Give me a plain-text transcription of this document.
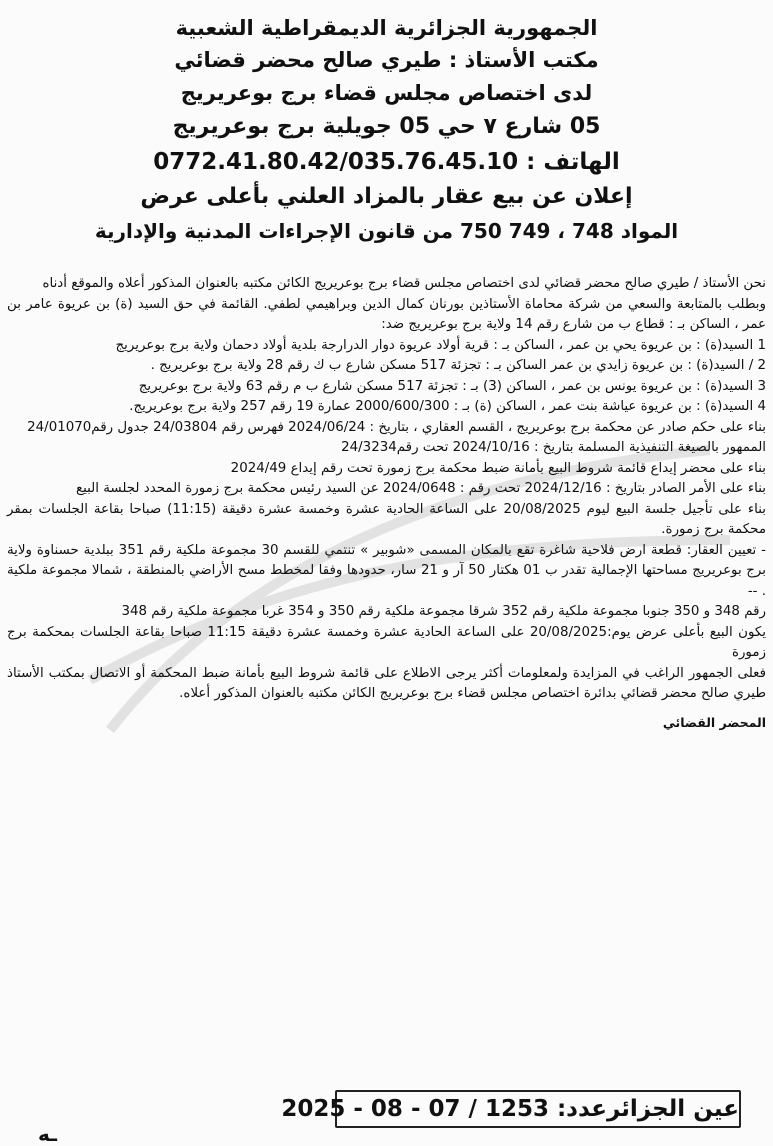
الجمهورية الجزائرية الديمقراطية الشعبية

مكتب الأستاذ : طيري صالح محضر قضائي

لدى اختصاص مجلس قضاء برج بوعريريج

05 شارع ٧ حي 05 جويلية برج بوعريريج

الهاتف : 0772.41.80.42/035.76.45.10

إعلان عن بيع عقار بالمزاد العلني بأعلى عرض

المواد 748 ، 749 750 من قانون الإجراءات المدنية والإدارية

نحن الأستاذ / طيري صالح محضر قضائي لدى اختصاص مجلس قضاء برج بوعريريج الكائن مكتبه بالعنوان المذكور أعلاه والموقع أدناه

وبطلب بالمتابعة والسعي من شركة محاماة الأستاذين بورنان كمال الدين وبراهيمي لطفي. القائمة في حق السيد (ة) بن عريوة عامر بن عمر ، الساكن بـ : قطاع ب من شارع رقم 14 ولاية برج بوعريريج ضد:

1 السيد(ة) : بن عريوة يحي بن عمر ، الساكن بـ : قرية أولاد عريوة دوار الدرارجة بلدية أولاد دحمان ولاية برج بوعريريج

2 / السيد(ة) : بن عريوة زايدي بن عمر الساكن بـ : تجزئة 517 مسكن شارع ب ك رقم 28 ولاية برج بوعريريج .

3 السيد(ة) : بن عريوة يونس بن عمر ، الساكن (3) بـ : تجزئة 517 مسكن شارع ب م رقم 63 ولاية برج بوعريريج

4 السيد(ة) : بن عريوة عياشة بنت عمر ، الساكن (ة) بـ : 2000/600/300 عمارة 19 رقم 257 ولاية برج بوعريريج.

بناء على حكم صادر عن محكمة برج بوعريريج ، القسم العقاري ، بتاريخ : 2024/06/24 فهرس رقم 24/03804 جدول رقم24/01070

الممهور بالصيغة التنفيذية المسلمة بتاريخ : 2024/10/16 تحت رقم24/3234

بناء على محضر إيداع قائمة شروط البيع بأمانة ضبط محكمة برج زمورة تحت رقم إيداع 2024/49

بناء على الأمر الصادر بتاريخ : 2024/12/16 تحت رقم : 2024/0648 عن السيد رئيس محكمة برج زمورة المحدد لجلسة البيع

بناء على تأجيل جلسة البيع ليوم 20/08/2025 على الساعة الحادية عشرة وخمسة عشرة دقيقة (11:15) صباحا بقاعة الجلسات بمقر محكمة برج زمورة.

- تعيين العقار: قطعة ارض فلاحية شاغرة تقع بالمكان المسمى «شوبير » تنتمي للقسم 30 مجموعة ملكية رقم 351 ببلدية حسناوة ولاية برج بوعريريج مساحتها الإجمالية تقدر ب 01 هكتار 50 آر و 21 سار، حدودها وفقا لمخطط مسح الأراضي بالمنطقة ، شمالا مجموعة ملكية . --

رقم 348 و 350 جنوبا مجموعة ملكية رقم 352 شرقا مجموعة ملكية رقم 350 و 354 غربا مجموعة ملكية رقم 348

يكون البيع بأعلى عرض يوم:20/08/2025 على الساعة الحادية عشرة وخمسة عشرة دقيقة 11:15 صباحا بقاعة الجلسات بمحكمة برج زمورة

فعلى الجمهور الراغب في المزايدة ولمعلومات أكثر يرجى الاطلاع على قائمة شروط البيع بأمانة ضبط المحكمة أو الاتصال بمكتب الأستاذ طيري صالح محضر قضائي بدائرة اختصاص مجلس قضاء برج بوعريريج الكائن مكتبه بالعنوان المذكور أعلاه.

المحضر القضائي

عين الجزائرعدد: 1253 / 07 - 08 - 2025
ـه
